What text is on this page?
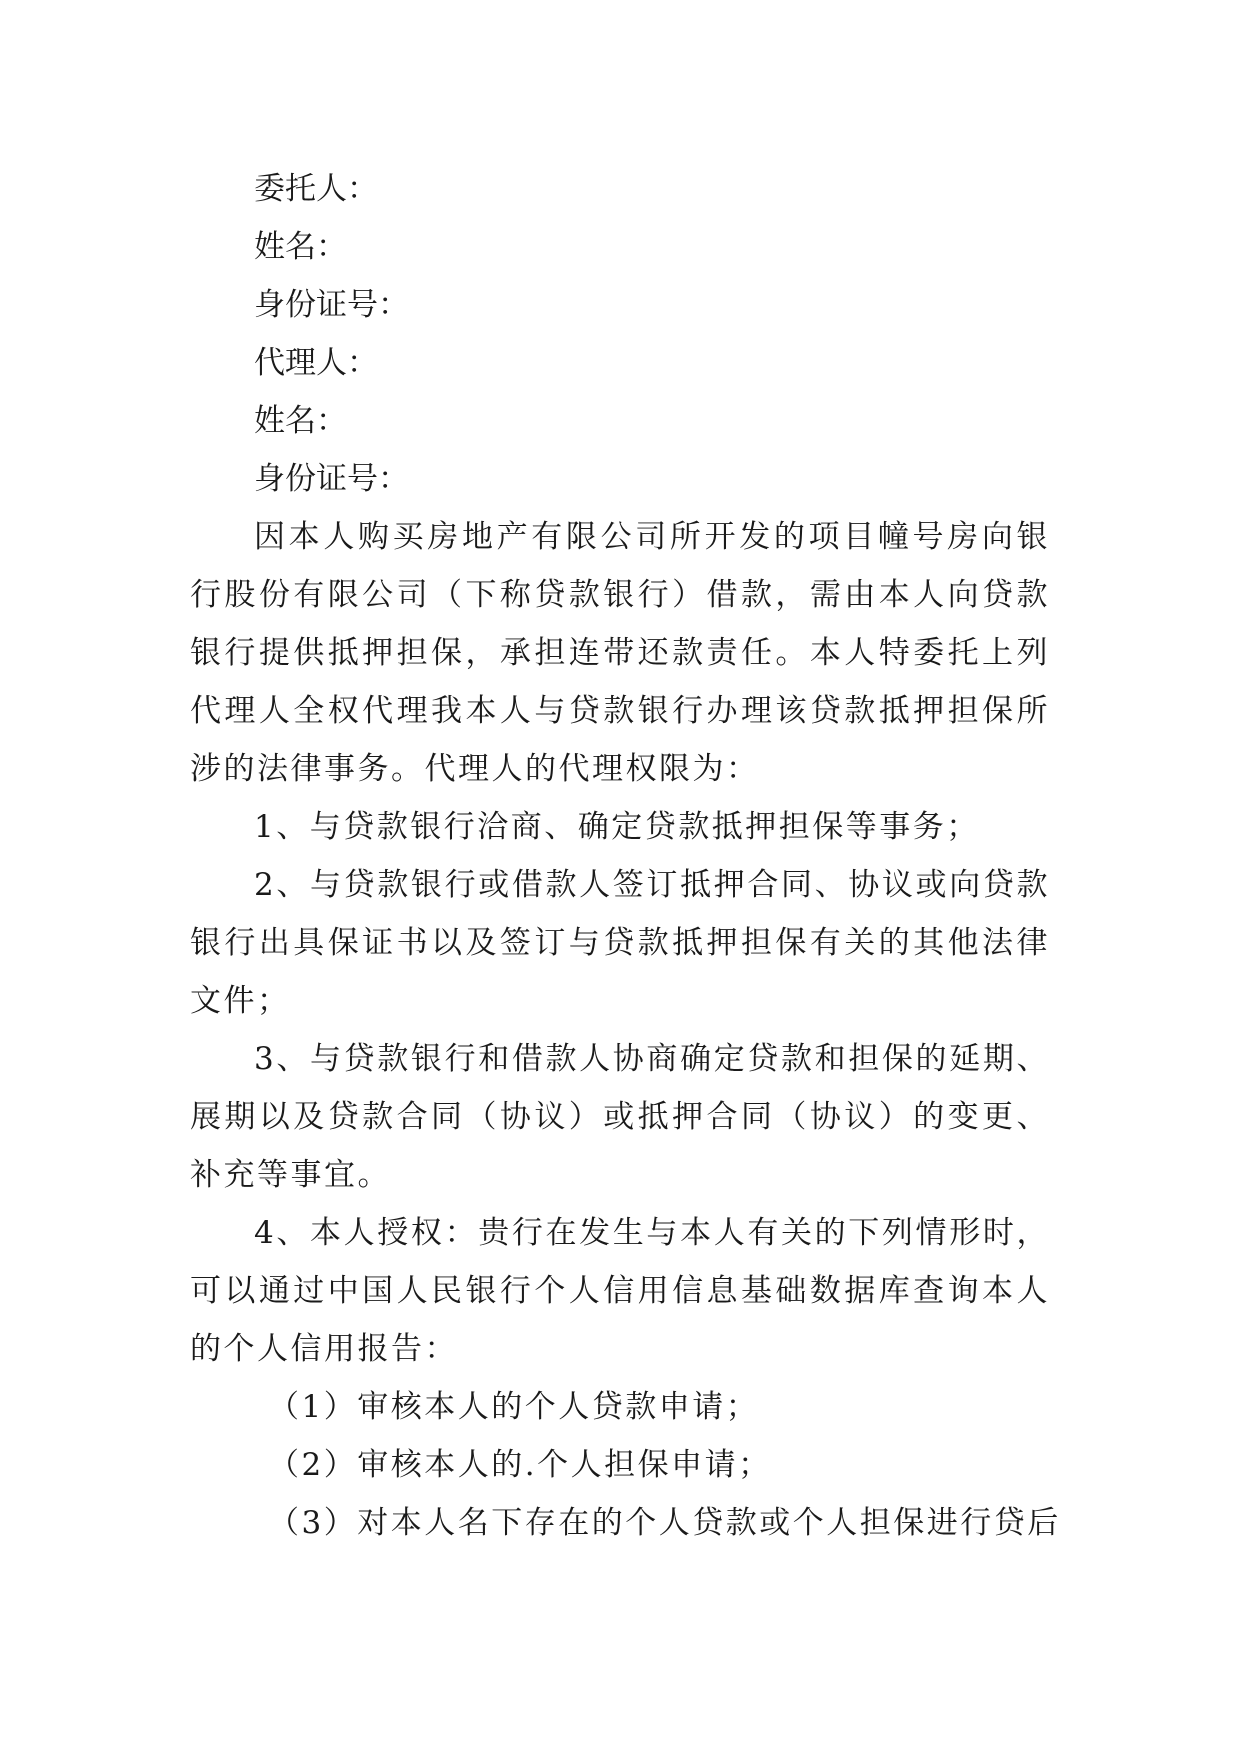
委托人：
姓名：
身份证号：
代理人：
姓名：
身份证号：
因本人购买房地产有限公司所开发的项目幢号房向银行股份有限公司（下称贷款银行）借款，需由本人向贷款银行提供抵押担保，承担连带还款责任。本人特委托上列代理人全权代理我本人与贷款银行办理该贷款抵押担保所涉的法律事务。代理人的代理权限为：
1、与贷款银行洽商、确定贷款抵押担保等事务；
2、与贷款银行或借款人签订抵押合同、协议或向贷款银行出具保证书以及签订与贷款抵押担保有关的其他法律文件；
3、与贷款银行和借款人协商确定贷款和担保的延期、展期以及贷款合同（协议）或抵押合同（协议）的变更、补充等事宜。
4、本人授权：贵行在发生与本人有关的下列情形时，可以通过中国人民银行个人信用信息基础数据库查询本人的个人信用报告：
（1）审核本人的个人贷款申请；
（2）审核本人的.个人担保申请；
（3）对本人名下存在的个人贷款或个人担保进行贷后
